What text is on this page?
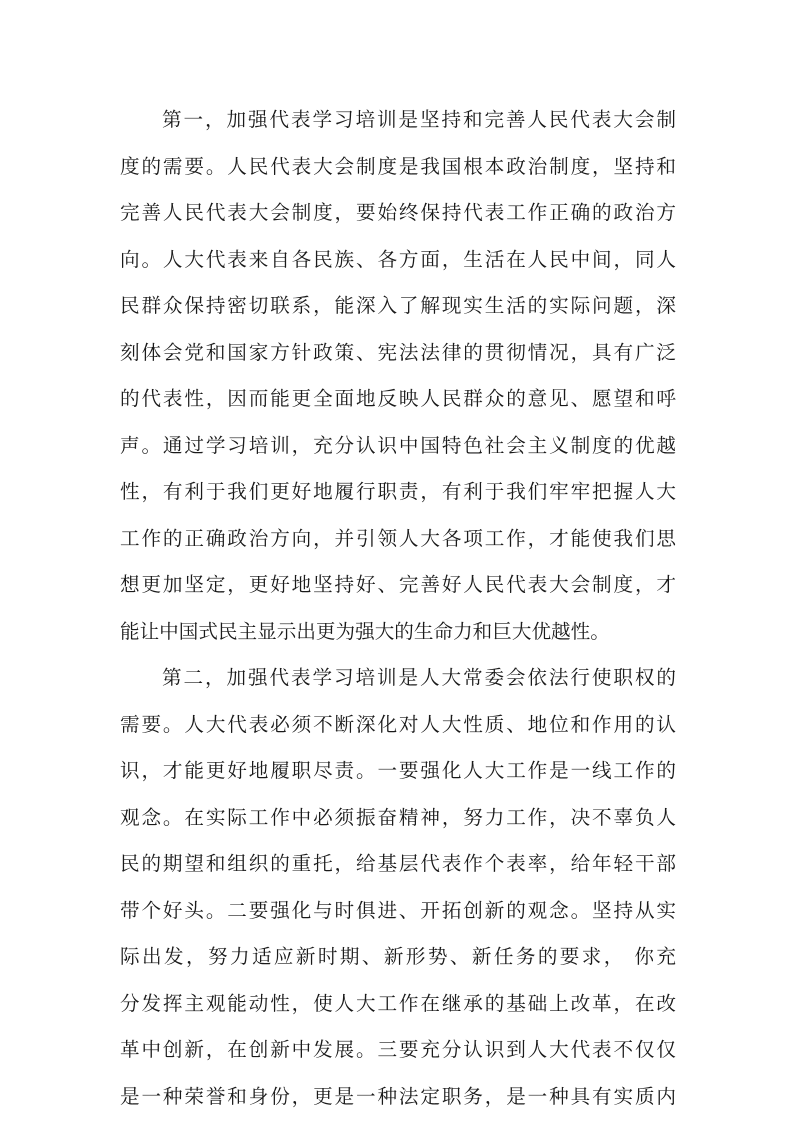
第一，加强代表学习培训是坚持和完善人民代表大会制
度的需要。人民代表大会制度是我国根本政治制度，坚持和
完善人民代表大会制度，要始终保持代表工作正确的政治方
向。人大代表来自各民族、各方面，生活在人民中间，同人
民群众保持密切联系，能深入了解现实生活的实际问题，深
刻体会党和国家方针政策、宪法法律的贯彻情况，具有广泛
的代表性，因而能更全面地反映人民群众的意见、愿望和呼
声。通过学习培训，充分认识中国特色社会主义制度的优越
性，有利于我们更好地履行职责，有利于我们牢牢把握人大
工作的正确政治方向，并引领人大各项工作，才能使我们思
想更加坚定，更好地坚持好、完善好人民代表大会制度，才
能让中国式民主显示出更为强大的生命力和巨大优越性。
第二，加强代表学习培训是人大常委会依法行使职权的
需要。人大代表必须不断深化对人大性质、地位和作用的认
识，才能更好地履职尽责。一要强化人大工作是一线工作的
观念。在实际工作中必须振奋精神，努力工作，决不辜负人
民的期望和组织的重托，给基层代表作个表率，给年轻干部
带个好头。二要强化与时俱进、开拓创新的观念。坚持从实
际出发，努力适应新时期、新形势、新任务的要求， 你充
分发挥主观能动性，使人大工作在继承的基础上改革，在改
革中创新，在创新中发展。三要充分认识到人大代表不仅仅
是一种荣誉和身份，更是一种法定职务，是一种具有实质内
